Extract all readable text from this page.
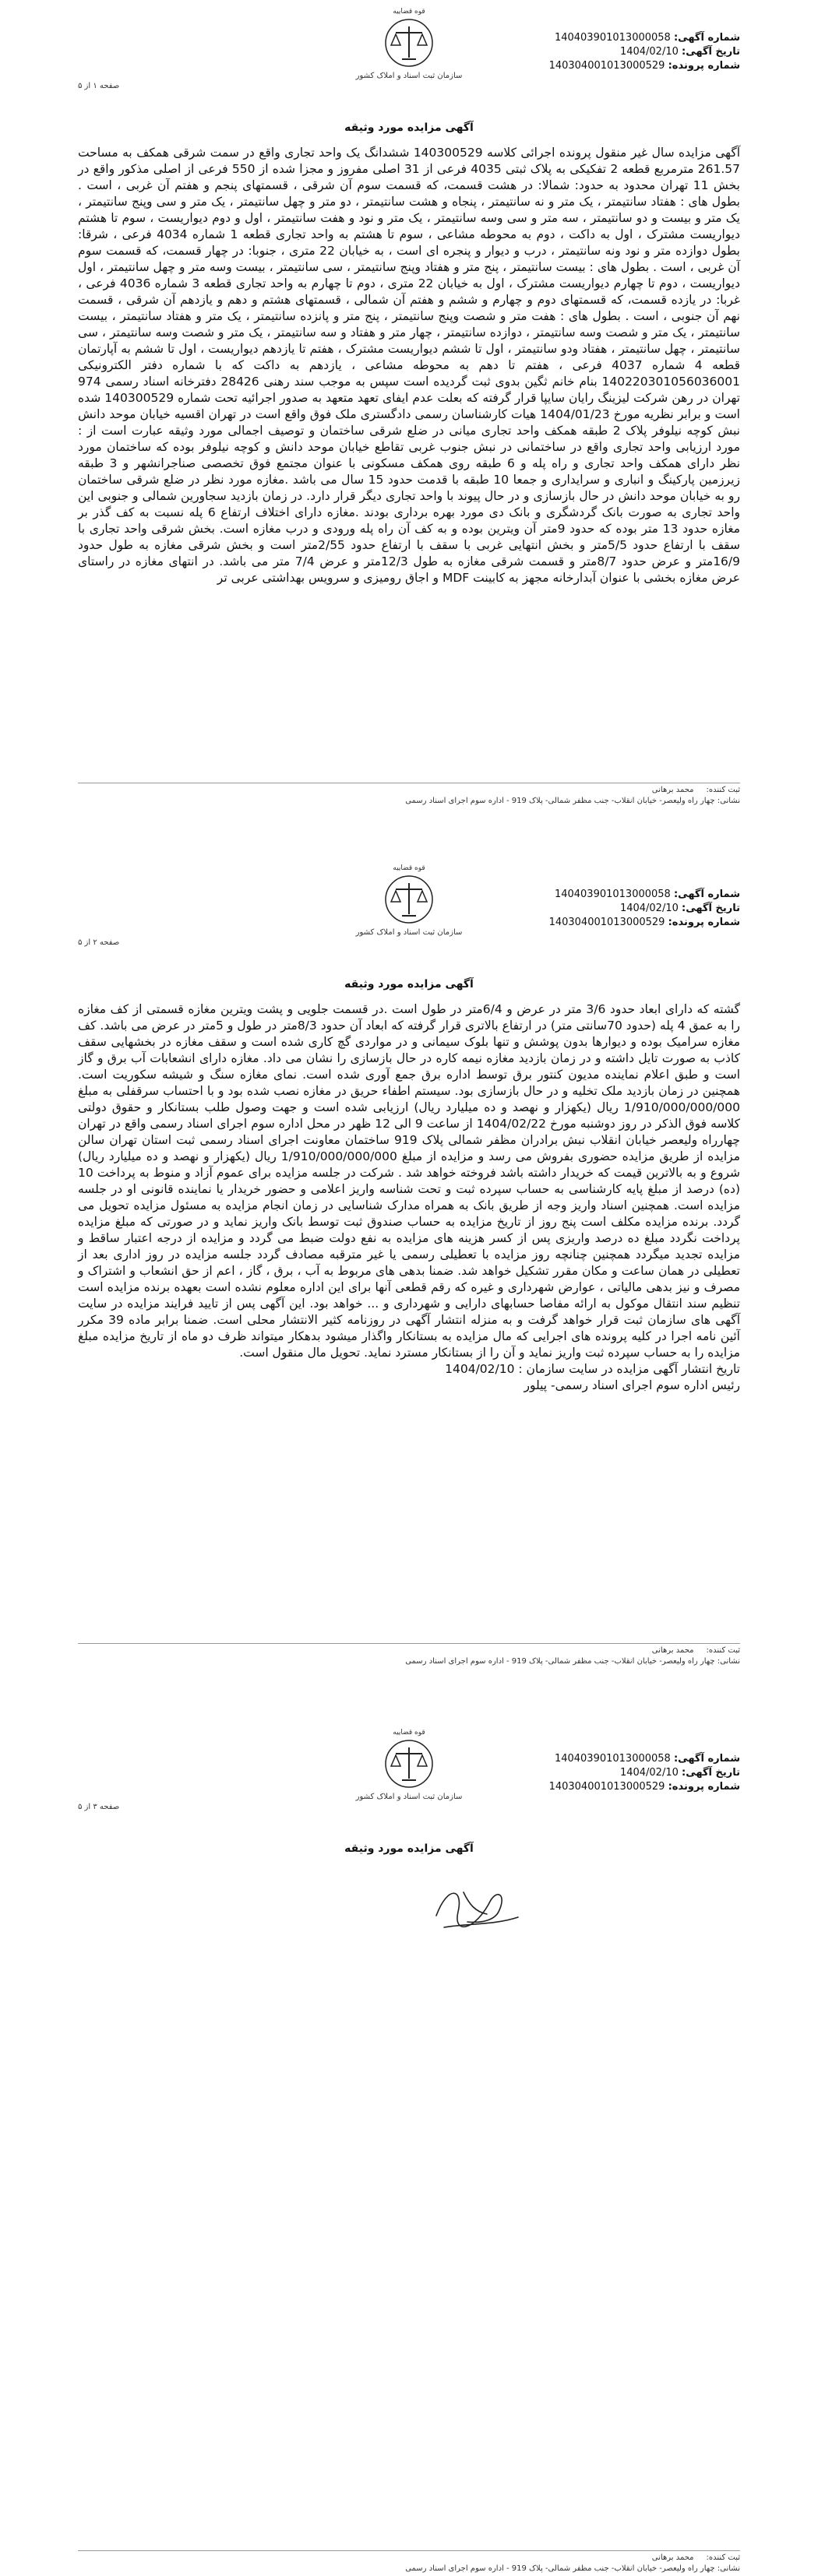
قوه قضاییه
سازمان ثبت اسناد و املاک کشور
شماره آگهی: 140403901013000058
تاریخ آگهی: 1404/02/10
شماره پرونده: 140304001013000529
صفحه ۱ از ۵
آگهی مزایده مورد وثیقه
آگهی مزایده سال غیر منقول پرونده اجرائی کلاسه 140300529 ششدانگ یک واحد تجاری واقع در سمت شرقی همکف به مساحت 261.57 مترمربع قطعه 2 تفکیکی به پلاک ثبتی 4035 فرعی از 31 اصلی مفروز و مجزا شده از 550 فرعی از اصلی مذکور واقع در بخش 11 تهران محدود به حدود: شمالا: در هشت قسمت، که قسمت سوم آن شرقی ، قسمتهای پنجم و هفتم آن غربی ، است . بطول های : هفتاد سانتیمتر ، یک متر و نه سانتیمتر ، پنجاه و هشت سانتیمتر ، دو متر و چهل سانتیمتر ، یک متر و سی وپنج سانتیمتر ، یک متر و بیست و دو سانتیمتر ، سه متر و سی وسه سانتیمتر ، یک متر و نود و هفت سانتیمتر ، اول و دوم دیواریست ، سوم تا هشتم دیواریست مشترک ، اول به داکت ، دوم به محوطه مشاعی ، سوم تا هشتم به واحد تجاری قطعه 1 شماره 4034 فرعی ، شرقا: بطول دوازده متر و نود ونه سانتیمتر ، درب و دیوار و پنجره ای است ، به خیابان 22 متری ، جنوبا: در چهار قسمت، که قسمت سوم آن غربی ، است . بطول های : بیست سانتیمتر ، پنج متر و هفتاد وپنج سانتیمتر ، سی سانتیمتر ، بیست وسه متر و چهل سانتیمتر ، اول دیواریست ، دوم تا چهارم دیواریست مشترک ، اول به خیابان 22 متری ، دوم تا چهارم به واحد تجاری قطعه 3 شماره 4036 فرعی ، غربا: در یازده قسمت، که قسمتهای دوم و چهارم و ششم و هفتم آن شمالی ، قسمتهای هشتم و دهم و یازدهم آن شرقی ، قسمت نهم آن جنوبی ، است . بطول های : هفت متر و شصت وپنج سانتیمتر ، پنج متر و پانزده سانتیمتر ، یک متر و هفتاد سانتیمتر ، بیست سانتیمتر ، یک متر و شصت وسه سانتیمتر ، دوازده سانتیمتر ، چهار متر و هفتاد و سه سانتیمتر ، یک متر و شصت وسه سانتیمتر ، سی سانتیمتر ، چهل سانتیمتر ، هفتاد ودو سانتیمتر ، اول تا ششم دیواریست مشترک ، هفتم تا یازدهم دیواریست ، اول تا ششم به آپارتمان قطعه 4 شماره 4037 فرعی ، هفتم تا دهم به محوطه مشاعی ، یازدهم به داکت که با شماره دفتر الکترونیکی 140220301056036001 بنام خانم ثگین بدوی ثبت گردیده است سپس به موجب سند رهنی 28426 دفترخانه اسناد رسمی 974 تهران در رهن شرکت لیزینگ رایان سایپا قرار گرفته که بعلت عدم ایفای تعهد متعهد به صدور اجرائیه تحت شماره 140300529 شده است و برابر نظریه مورخ 1404/01/23 هیات کارشناسان رسمی دادگستری ملک فوق واقع است در تهران اقسیه خیابان موحد دانش نبش کوچه نیلوفر پلاک 2 طبقه همکف واحد تجاری میانی در ضلع شرقی ساختمان و توصیف اجمالی مورد وثیقه عبارت است از : مورد ارزیابی واحد تجاری واقع در ساختمانی در نبش جنوب غربی تقاطع خیابان موحد دانش و کوچه نیلوفر بوده که ساختمان مورد نظر دارای همکف واحد تجاری و راه پله و 6 طبقه روی همکف مسکونی با عنوان مجتمع فوق تخصصی صناجرانشهر و 3 طبقه زیرزمین پارکینگ و انباری و سرایداری و جمعا 10 طبقه با قدمت حدود 15 سال می باشد .مغازه مورد نظر در ضلع شرقی ساختمان رو به خیابان موحد دانش در حال بازسازی و در حال پیوند با واحد تجاری دیگر قرار دارد. در زمان بازدید سجاورین شمالی و جنوبی این واحد تجاری به صورت بانک گردشگری و بانک دی مورد بهره برداری بودند .مغازه دارای اختلاف ارتفاع 6 پله نسبت به کف گذر بر مغازه حدود 13 متر بوده که حدود 9متر آن ویترین بوده و به کف آن راه پله ورودی و درب مغازه است. بخش شرقی واحد تجاری با سقف با ارتفاع حدود 5/5متر و بخش انتهایی غربی با سقف با ارتفاع حدود 2/55متر است و بخش شرقی مغازه به طول حدود 16/9متر و عرض حدود 8/7متر و قسمت شرقی مغازه به طول 12/3متر و عرض 7/4 متر می باشد. در انتهای مغازه در راستای عرض مغازه بخشی با عنوان آبدارخانه مجهز به کابینت MDF و اجاق رومیزی و سرویس بهداشتی عربی تر
ثبت کننده:
محمد برهانی
نشانی: چهار راه ولیعصر- خیابان انقلاب- جنب مظفر شمالی- پلاک 919 - اداره سوم اجرای اسناد رسمی
قوه قضاییه
سازمان ثبت اسناد و املاک کشور
شماره آگهی: 140403901013000058
تاریخ آگهی: 1404/02/10
شماره پرونده: 140304001013000529
صفحه ۲ از ۵
آگهی مزایده مورد وثیقه
گشته که دارای ابعاد حدود 3/6 متر در عرض و 6/4متر در طول است .در قسمت جلویی و پشت ویترین مغازه قسمتی از کف مغازه را به عمق 4 پله (حدود 70سانتی متر) در ارتفاع بالاتری قرار گرفته که ابعاد آن حدود 8/3متر در طول و 5متر در عرض می باشد. کف مغازه سرامیک بوده و دیوارها بدون پوشش و تنها بلوک سیمانی و در مواردی گچ کاری شده است و سقف مغازه در بخشهایی سقف کاذب به صورت تایل داشته و در زمان بازدید مغازه نیمه کاره در حال بازسازی را نشان می داد. مغازه دارای انشعابات آب برق و گاز است و طبق اعلام نماینده مدیون کنتور برق توسط اداره برق جمع آوری شده است. نمای مغازه سنگ و شیشه سکوریت است. همچنین در زمان بازدید ملک تخلیه و در حال بازسازی بود. سیستم اطفاء حریق در مغازه نصب شده بود و با احتساب سرقفلی به مبلغ 1/910/000/000/000 ریال (یکهزار و نهصد و ده میلیارد ریال) ارزیابی شده است و جهت وصول طلب بستانکار و حقوق دولتی کلاسه فوق الذکر در روز دوشنبه مورخ 1404/02/22 از ساعت 9 الی 12 ظهر در محل اداره سوم اجرای اسناد رسمی واقع در تهران چهارراه ولیعصر خیابان انقلاب نبش برادران مظفر شمالی پلاک 919 ساختمان معاونت اجرای اسناد رسمی ثبت استان تهران سالن مزایده از طریق مزایده حضوری بفروش می رسد و مزایده از مبلغ 1/910/000/000/000 ریال (یکهزار و نهصد و ده میلیارد ریال) شروع و به بالاترین قیمت که خریدار داشته باشد فروخته خواهد شد . شرکت در جلسه مزایده برای عموم آزاد و منوط به پرداخت 10 (ده) درصد از مبلغ پایه کارشناسی به حساب سپرده ثبت و تحت شناسه واریز اعلامی و حضور خریدار یا نماینده قانونی او در جلسه مزایده است. همچنین اسناد واریز وجه از طریق بانک به همراه مدارک شناسایی در زمان انجام مزایده به مسئول مزایده تحویل می گردد. برنده مزایده مکلف است پنج روز از تاریخ مزایده به حساب صندوق ثبت توسط بانک واریز نماید و در صورتی که مبلغ مزایده پرداخت نگردد مبلغ ده درصد واریزی پس از کسر هزینه های مزایده به نفع دولت ضبط می گردد و مزایده از درجه اعتبار ساقط و مزایده تجدید میگردد همچنین چنانچه روز مزایده با تعطیلی رسمی یا غیر مترقبه مصادف گردد جلسه مزایده در روز اداری بعد از تعطیلی در همان ساعت و مکان مقرر تشکیل خواهد شد. ضمنا بدهی های مربوط به آب ، برق ، گاز ، اعم از حق انشعاب و اشتراک و مصرف و نیز بدهی مالیاتی ، عوارض شهرداری و غیره که رقم قطعی آنها برای این اداره معلوم نشده است بعهده برنده مزایده است تنظیم سند انتقال موکول به ارائه مفاصا حسابهای دارایی و شهرداری و ... خواهد بود. این آگهی پس از تایید فرایند مزایده در سایت آگهی های سازمان ثبت قرار خواهد گرفت و به منزله انتشار آگهی در روزنامه کثیر الانتشار محلی است. ضمنا برابر ماده 39 مکرر آئین نامه اجرا در کلیه پرونده های اجرایی که مال مزایده به بستانکار واگذار میشود بدهکار میتواند ظرف دو ماه از تاریخ مزایده مبلغ مزایده را به حساب سپرده ثبت واریز نماید و آن را از بستانکار مسترد نماید. تحویل مال منقول است.
تاریخ انتشار آگهی مزایده در سایت سازمان : 1404/02/10
رئیس اداره سوم اجرای اسناد رسمی- پیلور
ثبت کننده:
محمد برهانی
نشانی: چهار راه ولیعصر- خیابان انقلاب- جنب مظفر شمالی- پلاک 919 - اداره سوم اجرای اسناد رسمی
قوه قضاییه
سازمان ثبت اسناد و املاک کشور
شماره آگهی: 140403901013000058
تاریخ آگهی: 1404/02/10
شماره پرونده: 140304001013000529
صفحه ۳ از ۵
آگهی مزایده مورد وثیقه
ثبت کننده:
محمد برهانی
نشانی: چهار راه ولیعصر- خیابان انقلاب- جنب مظفر شمالی- پلاک 919 - اداره سوم اجرای اسناد رسمی
